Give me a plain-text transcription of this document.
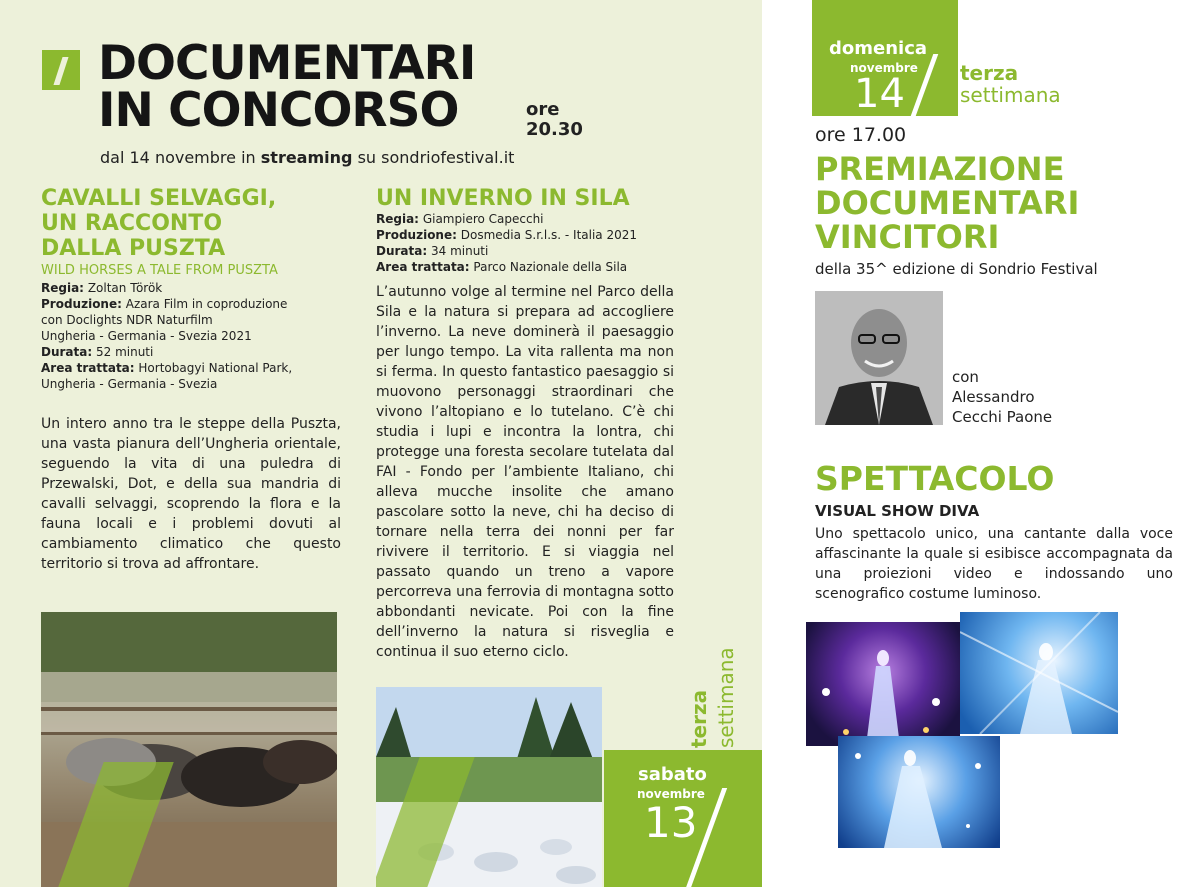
DOCUMENTARI
IN CONCORSO	ore
20.30
dal 14 novembre in streaming su sondriofestival.it
CAVALLI SELVAGGI,
UN RACCONTO
DALLA PUSZTA
WILD HORSES A TALE FROM PUSZTA
Regia: Zoltan Török
Produzione: Azara Film in coproduzione
con Doclights NDR Naturfilm
Ungheria - Germania - Svezia 2021
Durata: 52 minuti
Area trattata: Hortobagyi National Park,
Ungheria - Germania - Svezia
Un intero anno tra le steppe della Puszta, una vasta pianura dell’Ungheria orientale, seguendo la vita di una puledra di Przewalski, Dot, e della sua mandria di cavalli selvaggi, scoprendo la flora e la fauna locali e i problemi dovuti al cambiamento climatico che questo territorio si trova ad affrontare.
UN INVERNO IN SILA
Regia: Giampiero Capecchi
Produzione: Dosmedia S.r.l.s. - Italia 2021
Durata: 34 minuti
Area trattata: Parco Nazionale della Sila
L’autunno volge al termine nel Parco della Sila e la natura si prepara ad accogliere l’inverno. La neve dominerà il paesaggio per lungo tempo. La vita rallenta ma non si ferma. In questo fantastico paesaggio si muovono personaggi straordinari che vivono l’altopiano e lo tutelano. C’è chi studia i lupi e incontra la lontra, chi protegge una foresta secolare tutelata dal FAI - Fondo per l’ambiente Italiano, chi alleva mucche insolite che amano pascolare sotto la neve, chi ha deciso di tornare nella terra dei nonni per far rivivere il territorio. E si viaggia nel passato quando un treno a vapore percorreva una ferrovia di montagna sotto abbondanti nevicate. Poi con la fine dell’inverno la natura si risveglia e continua il suo eterno ciclo.
terza settimana
sabato
novembre
13
domenica
novembre
14	terza
settimana
ore 17.00
PREMIAZIONE
DOCUMENTARI
VINCITORI
della 35^ edizione di Sondrio Festival
con
Alessandro
Cecchi Paone
SPETTACOLO
VISUAL SHOW DIVA
Uno spettacolo unico, una cantante dalla voce affascinante la quale si esibisce accompagnata da una proiezioni video e indossando uno scenografico costume luminoso.
